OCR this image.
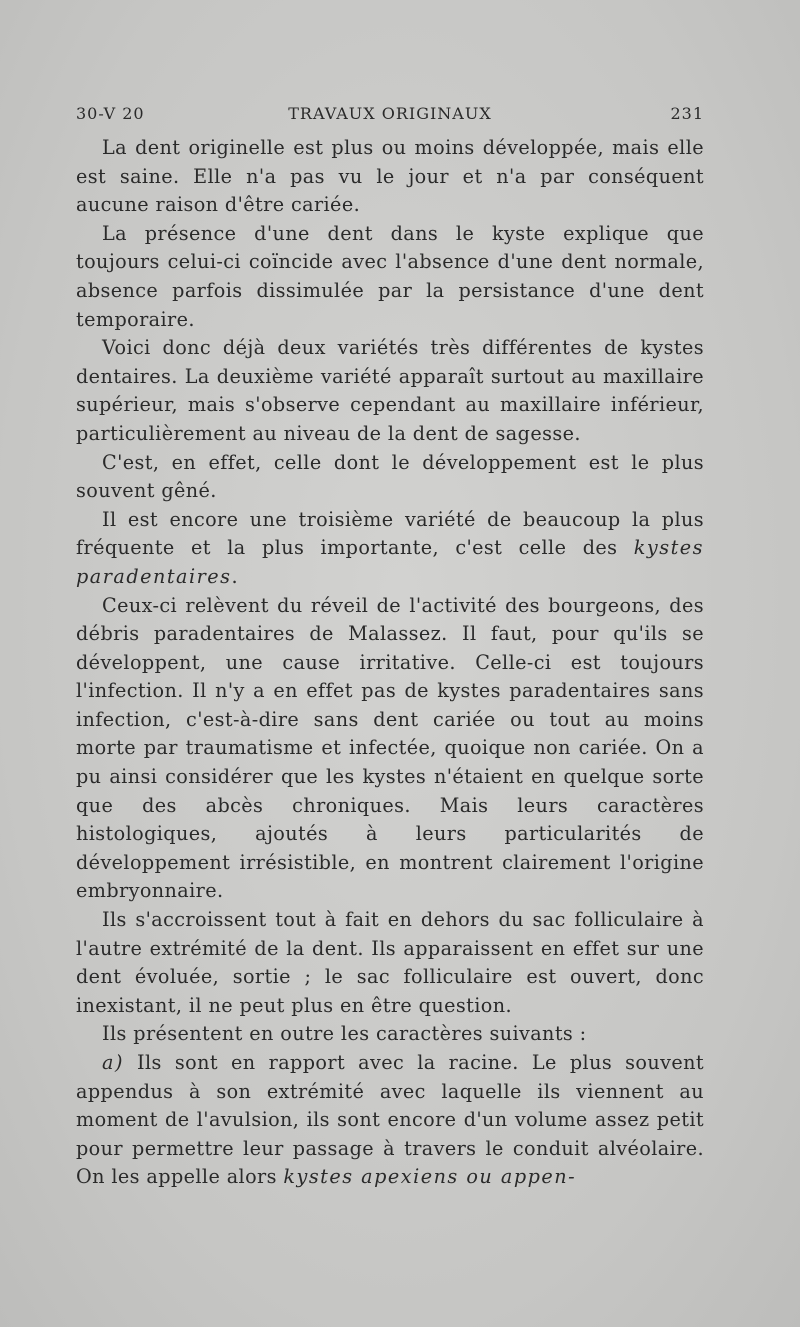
30-V 20	TRAVAUX ORIGINAUX	231

La dent originelle est plus ou moins développée, mais elle est saine. Elle n'a pas vu le jour et n'a par conséquent aucune raison d'être cariée.

La présence d'une dent dans le kyste explique que toujours celui-ci coïncide avec l'absence d'une dent normale, absence parfois dissimulée par la persistance d'une dent temporaire.

Voici donc déjà deux variétés très différentes de kystes dentaires. La deuxième variété apparaît surtout au maxillaire supérieur, mais s'observe cependant au maxillaire inférieur, particulièrement au niveau de la dent de sagesse.

C'est, en effet, celle dont le développement est le plus souvent gêné.

Il est encore une troisième variété de beaucoup la plus fréquente et la plus importante, c'est celle des kystes paradentaires.

Ceux-ci relèvent du réveil de l'activité des bourgeons, des débris paradentaires de Malassez. Il faut, pour qu'ils se développent, une cause irritative. Celle-ci est toujours l'infection. Il n'y a en effet pas de kystes paradentaires sans infection, c'est-à-dire sans dent cariée ou tout au moins morte par traumatisme et infectée, quoique non cariée. On a pu ainsi considérer que les kystes n'étaient en quelque sorte que des abcès chroniques. Mais leurs caractères histologiques, ajoutés à leurs particularités de développement irrésistible, en montrent clairement l'origine embryonnaire.

Ils s'accroissent tout à fait en dehors du sac folliculaire à l'autre extrémité de la dent. Ils apparaissent en effet sur une dent évoluée, sortie ; le sac folliculaire est ouvert, donc inexistant, il ne peut plus en être question.

Ils présentent en outre les caractères suivants :

a) Ils sont en rapport avec la racine. Le plus souvent appendus à son extrémité avec laquelle ils viennent au moment de l'avulsion, ils sont encore d'un volume assez petit pour permettre leur passage à travers le conduit alvéolaire. On les appelle alors kystes apexiens ou appen-
